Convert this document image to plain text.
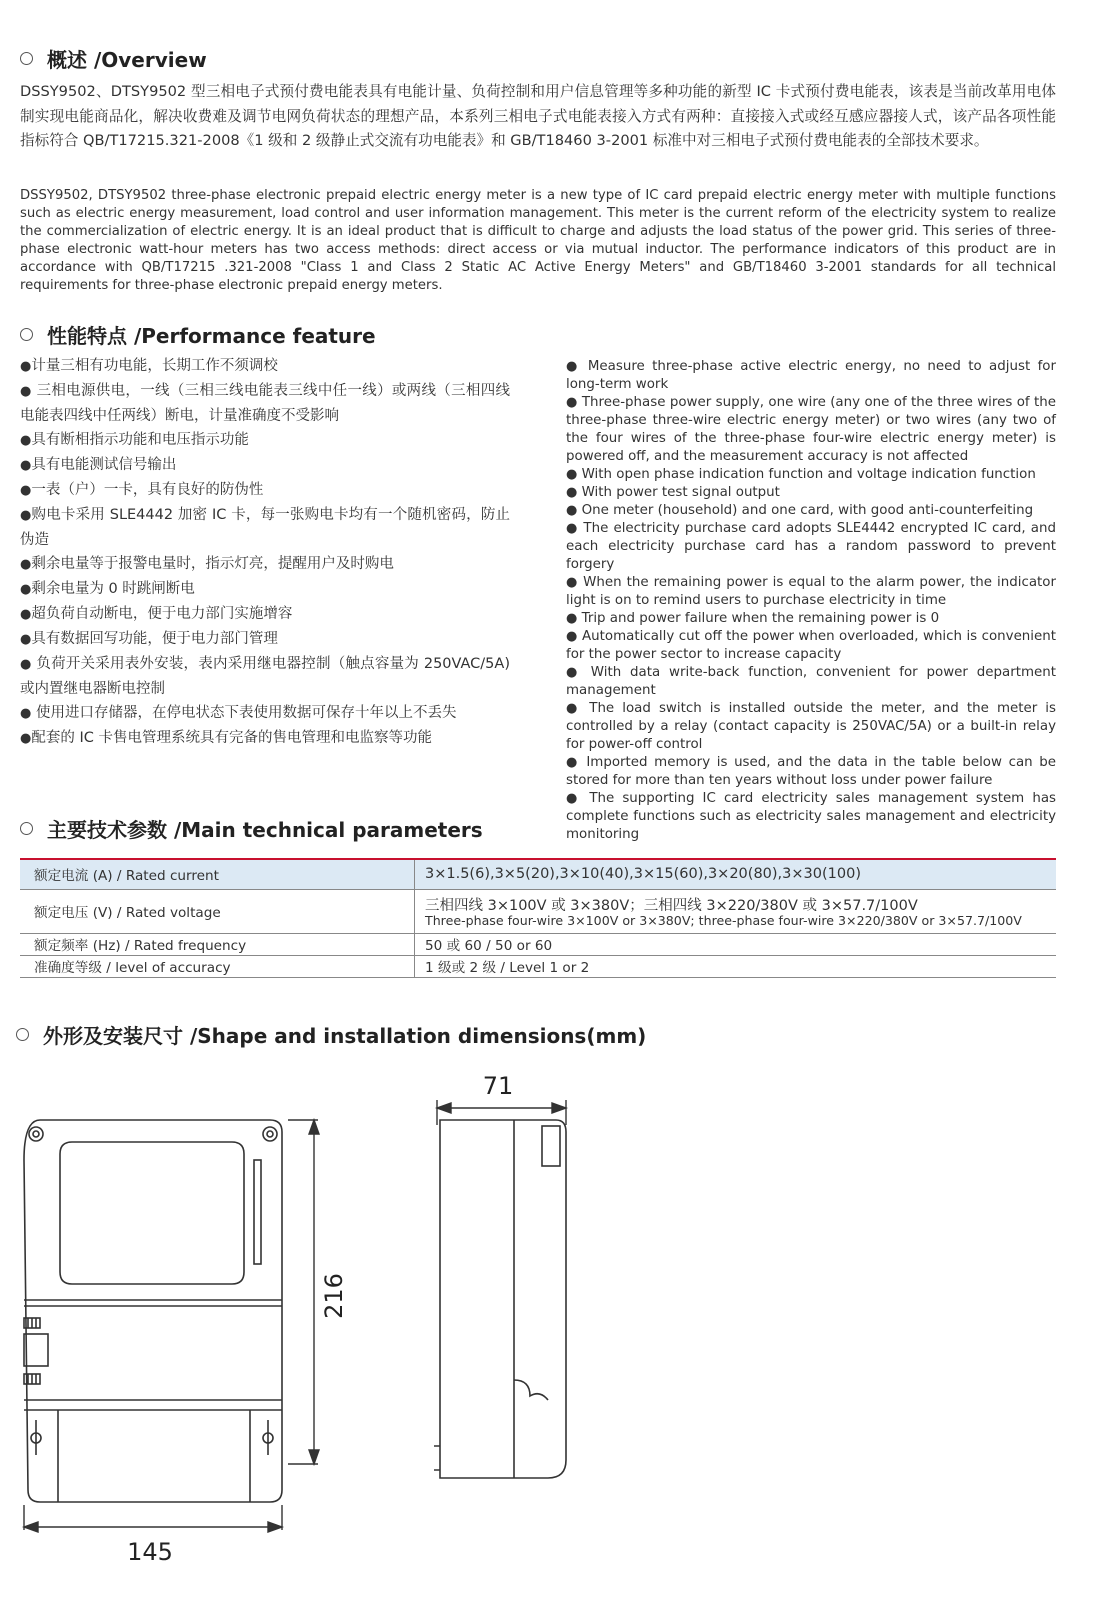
概述 /Overview
DSSY9502、DTSY9502 型三相电子式预付费电能表具有电能计量、负荷控制和用户信息管理等多种功能的新型 IC 卡式预付费电能表，该表是当前改革用电体制实现电能商品化，解决收费难及调节电网负荷状态的理想产品，本系列三相电子式电能表接入方式有两种：直接接入式或经互感应器接人式，该产品各项性能指标符合 QB/T17215.321-2008《1 级和 2 级静止式交流有功电能表》和 GB/T18460 3-2001 标准中对三相电子式预付费电能表的全部技术要求。
DSSY9502, DTSY9502 three-phase electronic prepaid electric energy meter is a new type of IC card prepaid electric energy meter with multiple functions such as electric energy measurement, load control and user information management. This meter is the current reform of the electricity system to realize the commercialization of electric energy. It is an ideal product that is difficult to charge and adjusts the load status of the power grid. This series of three-phase electronic watt-hour meters has two access methods: direct access or via mutual inductor. The performance indicators of this product are in accordance with QB/T17215 .321-2008 "Class 1 and Class 2 Static AC Active Energy Meters" and GB/T18460 3-2001 standards for all technical requirements for three-phase electronic prepaid energy meters.
性能特点 /Performance feature
●计量三相有功电能，长期工作不须调校
● 三相电源供电，一线（三相三线电能表三线中任一线）或两线（三相四线电能表四线中任两线）断电，计量准确度不受影响
●具有断相指示功能和电压指示功能
●具有电能测试信号输出
●一表（户）一卡，具有良好的防伪性
●购电卡采用 SLE4442 加密 IC 卡，每一张购电卡均有一个随机密码，防止伪造
●剩余电量等于报警电量时，指示灯亮，提醒用户及时购电
●剩余电量为 0 时跳闸断电
●超负荷自动断电，便于电力部门实施增容
●具有数据回写功能，便于电力部门管理
● 负荷开关采用表外安装，表内采用继电器控制（触点容量为 250VAC/5A) 或内置继电器断电控制
● 使用进口存储器，在停电状态下表使用数据可保存十年以上不丢失
●配套的 IC 卡售电管理系统具有完备的售电管理和电监察等功能
● Measure three-phase active electric energy, no need to adjust for long-term work
● Three-phase power supply, one wire (any one of the three wires of the three-phase three-wire electric energy meter) or two wires (any two of the four wires of the three-phase four-wire electric energy meter) is powered off, and the measurement accuracy is not affected
● With open phase indication function and voltage indication function
● With power test signal output
● One meter (household) and one card, with good anti-counterfeiting
● The electricity purchase card adopts SLE4442 encrypted IC card, and each electricity purchase card has a random password to prevent forgery
● When the remaining power is equal to the alarm power, the indicator light is on to remind users to purchase electricity in time
● Trip and power failure when the remaining power is 0
● Automatically cut off the power when overloaded, which is convenient for the power sector to increase capacity
● With data write-back function, convenient for power department management
● The load switch is installed outside the meter, and the meter is controlled by a relay (contact capacity is 250VAC/5A) or a built-in relay for power-off control
● Imported memory is used, and the data in the table below can be stored for more than ten years without loss under power failure
● The supporting IC card electricity sales management system has complete functions such as electricity sales management and electricity monitoring
主要技术参数 /Main technical parameters
额定电流 (A) / Rated current	3×1.5(6),3×5(20),3×10(40),3×15(60),3×20(80),3×30(100)
额定电压 (V) / Rated voltage	三相四线 3×100V 或 3×380V；三相四线 3×220/380V 或 3×57.7/100V
Three-phase four-wire 3×100V or 3×380V; three-phase four-wire 3×220/380V or 3×57.7/100V

额定频率 (Hz) / Rated frequency	50 或 60 / 50 or 60
准确度等级 / level of accuracy	1 级或 2 级 / Level 1 or 2
外形及安装尺寸 /Shape and installation dimensions(mm)
145
216
71
